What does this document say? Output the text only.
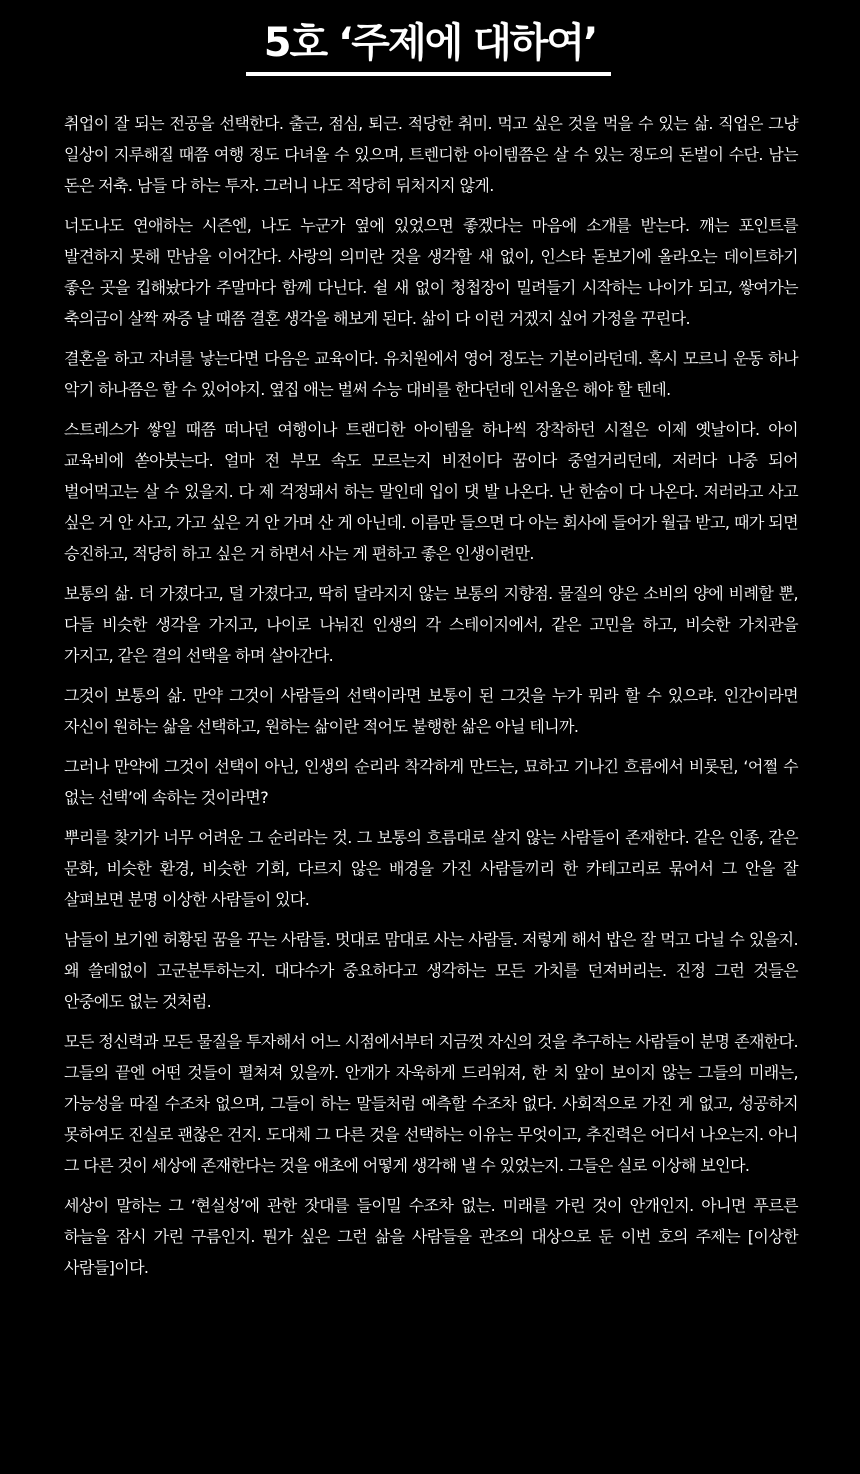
5호 ‘주제에 대하여’

취업이 잘 되는 전공을 선택한다. 출근, 점심, 퇴근. 적당한 취미. 먹고 싶은 것을 먹을 수 있는 삶. 직업은 그냥 일상이 지루해질 때쯤 여행 정도 다녀올 수 있으며, 트렌디한 아이템쯤은 살 수 있는 정도의 돈벌이 수단. 남는 돈은 저축. 남들 다 하는 투자. 그러니 나도 적당히 뒤처지지 않게.

너도나도 연애하는 시즌엔, 나도 누군가 옆에 있었으면 좋겠다는 마음에 소개를 받는다. 깨는 포인트를 발견하지 못해 만남을 이어간다. 사랑의 의미란 것을 생각할 새 없이, 인스타 돋보기에 올라오는 데이트하기 좋은 곳을 킵해놨다가 주말마다 함께 다닌다. 쉴 새 없이 청첩장이 밀려들기 시작하는 나이가 되고, 쌓여가는 축의금이 살짝 짜증 날 때쯤 결혼 생각을 해보게 된다. 삶이 다 이런 거겠지 싶어 가정을 꾸린다.

결혼을 하고 자녀를 낳는다면 다음은 교육이다. 유치원에서 영어 정도는 기본이라던데. 혹시 모르니 운동 하나 악기 하나쯤은 할 수 있어야지. 옆집 애는 벌써 수능 대비를 한다던데 인서울은 해야 할 텐데.

스트레스가 쌓일 때쯤 떠나던 여행이나 트랜디한 아이템을 하나씩 장착하던 시절은 이제 옛날이다. 아이 교육비에 쏟아붓는다. 얼마 전 부모 속도 모르는지 비전이다 꿈이다 중얼거리던데, 저러다 나중 되어 벌어먹고는 살 수 있을지. 다 제 걱정돼서 하는 말인데 입이 댓 발 나온다. 난 한숨이 다 나온다. 저러라고 사고 싶은 거 안 사고, 가고 싶은 거 안 가며 산 게 아닌데. 이름만 들으면 다 아는 회사에 들어가 월급 받고, 때가 되면 승진하고, 적당히 하고 싶은 거 하면서 사는 게 편하고 좋은 인생이련만.

보통의 삶. 더 가졌다고, 덜 가졌다고, 딱히 달라지지 않는 보통의 지향점. 물질의 양은 소비의 양에 비례할 뿐, 다들 비슷한 생각을 가지고, 나이로 나눠진 인생의 각 스테이지에서, 같은 고민을 하고, 비슷한 가치관을 가지고, 같은 결의 선택을 하며 살아간다.

그것이 보통의 삶. 만약 그것이 사람들의 선택이라면 보통이 된 그것을 누가 뭐라 할 수 있으랴. 인간이라면 자신이 원하는 삶을 선택하고, 원하는 삶이란 적어도 불행한 삶은 아닐 테니까.

그러나 만약에 그것이 선택이 아닌, 인생의 순리라 착각하게 만드는, 묘하고 기나긴 흐름에서 비롯된, ‘어쩔 수 없는 선택’에 속하는 것이라면?

뿌리를 찾기가 너무 어려운 그 순리라는 것. 그 보통의 흐름대로 살지 않는 사람들이 존재한다. 같은 인종, 같은 문화, 비슷한 환경, 비슷한 기회, 다르지 않은 배경을 가진 사람들끼리 한 카테고리로 묶어서 그 안을 잘 살펴보면 분명 이상한 사람들이 있다.

남들이 보기엔 허황된 꿈을 꾸는 사람들. 멋대로 맘대로 사는 사람들. 저렇게 해서 밥은 잘 먹고 다닐 수 있을지. 왜 쓸데없이 고군분투하는지. 대다수가 중요하다고 생각하는 모든 가치를 던져버리는. 진정 그런 것들은 안중에도 없는 것처럼.

모든 정신력과 모든 물질을 투자해서 어느 시점에서부터 지금껏 자신의 것을 추구하는 사람들이 분명 존재한다. 그들의 끝엔 어떤 것들이 펼쳐져 있을까. 안개가 자욱하게 드리워져, 한 치 앞이 보이지 않는 그들의 미래는, 가능성을 따질 수조차 없으며, 그들이 하는 말들처럼 예측할 수조차 없다. 사회적으로 가진 게 없고, 성공하지 못하여도 진실로 괜찮은 건지. 도대체 그 다른 것을 선택하는 이유는 무엇이고, 추진력은 어디서 나오는지. 아니 그 다른 것이 세상에 존재한다는 것을 애초에 어떻게 생각해 낼 수 있었는지. 그들은 실로 이상해 보인다.

세상이 말하는 그 ‘현실성’에 관한 잣대를 들이밀 수조차 없는. 미래를 가린 것이 안개인지. 아니면 푸르른 하늘을 잠시 가린 구름인지. 뭔가 싶은 그런 삶을 사람들을 관조의 대상으로 둔 이번 호의 주제는 [이상한 사람들]이다.
